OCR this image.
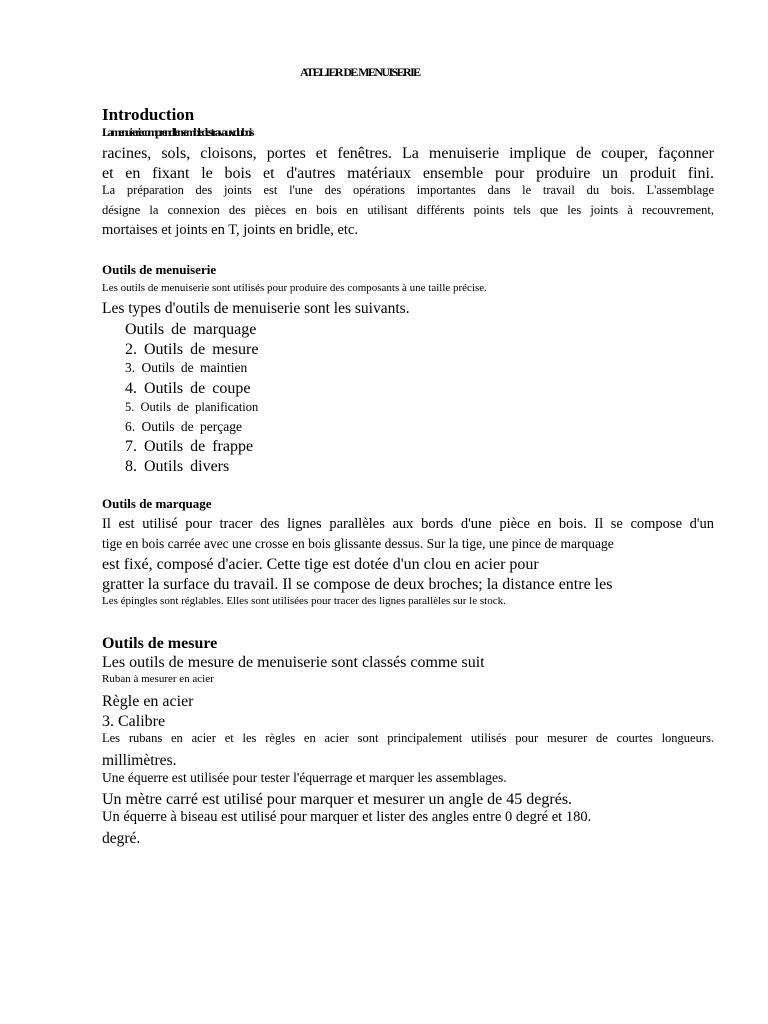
ATELIER DE MENUISERIE
Introduction
La menuiserie comprend l'ensemble des travaux du bois
racines, sols, cloisons, portes et fenêtres. La menuiserie implique de couper, façonner
et en fixant le bois et d'autres matériaux ensemble pour produire un produit fini.
La préparation des joints est l'une des opérations importantes dans le travail du bois. L'assemblage
désigne la connexion des pièces en bois en utilisant différents points tels que les joints à recouvrement,
mortaises et joints en T, joints en bridle, etc.
Outils de menuiserie
Les outils de menuiserie sont utilisés pour produire des composants à une taille précise.
Les types d'outils de menuiserie sont les suivants.
Outils de marquage
2. Outils de mesure
3. Outils de maintien
4. Outils de coupe
5. Outils de planification
6. Outils de perçage
7. Outils de frappe
8. Outils divers
Outils de marquage
Il est utilisé pour tracer des lignes parallèles aux bords d'une pièce en bois. Il se compose d'un
tige en bois carrée avec une crosse en bois glissante dessus. Sur la tige, une pince de marquage
est fixé, composé d'acier. Cette tige est dotée d'un clou en acier pour
gratter la surface du travail. Il se compose de deux broches; la distance entre les
Les épingles sont réglables. Elles sont utilisées pour tracer des lignes parallèles sur le stock.
Outils de mesure
Les outils de mesure de menuiserie sont classés comme suit
Ruban à mesurer en acier
Règle en acier
3. Calibre
Les rubans en acier et les règles en acier sont principalement utilisés pour mesurer de courtes longueurs.
millimètres.
Une équerre est utilisée pour tester l'équerrage et marquer les assemblages.
Un mètre carré est utilisé pour marquer et mesurer un angle de 45 degrés.
Un équerre à biseau est utilisé pour marquer et lister des angles entre 0 degré et 180.
degré.
